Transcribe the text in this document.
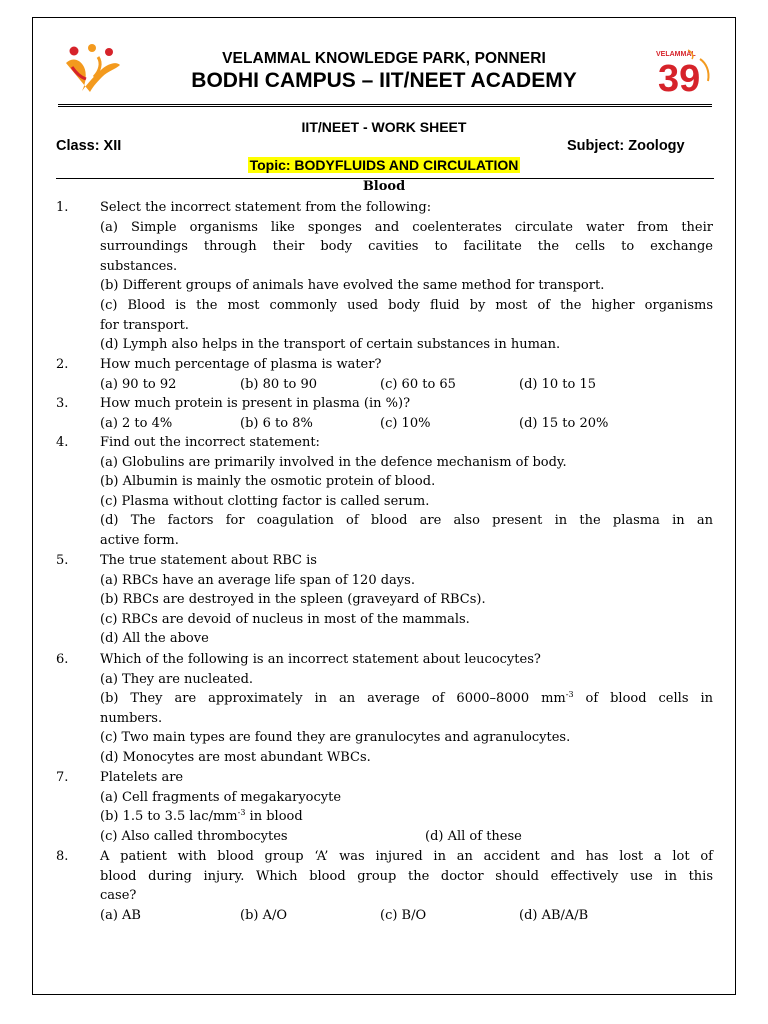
VELAMMAL
39
VELAMMAL KNOWLEDGE PARK, PONNERI
BODHI CAMPUS – IIT/NEET ACADEMY
IIT/NEET - WORK SHEET
Class: XII	Subject: Zoology
Topic: BODYFLUIDS AND CIRCULATION
Blood
1. Select the incorrect statement from the following:
(a) Simple organisms like sponges and coelenterates circulate water from their
surroundings through their body cavities to facilitate the cells to exchange
substances.
(b) Different groups of animals have evolved the same method for transport.
(c) Blood is the most commonly used body fluid by most of the higher organisms
for transport.
(d) Lymph also helps in the transport of certain substances in human.
2. How much percentage of plasma is water?
(a) 90 to 92	(b) 80 to 90	(c) 60 to 65	(d) 10 to 15
3. How much protein is present in plasma (in %)?
(a) 2 to 4%	(b) 6 to 8%	(c) 10%	(d) 15 to 20%
4. Find out the incorrect statement:
(a) Globulins are primarily involved in the defence mechanism of body.
(b) Albumin is mainly the osmotic protein of blood.
(c) Plasma without clotting factor is called serum.
(d) The factors for coagulation of blood are also present in the plasma in an
active form.
5. The true statement about RBC is
(a) RBCs have an average life span of 120 days.
(b) RBCs are destroyed in the spleen (graveyard of RBCs).
(c) RBCs are devoid of nucleus in most of the mammals.
(d) All the above
6. Which of the following is an incorrect statement about leucocytes?
(a) They are nucleated.
(b) They are approximately in an average of 6000–8000 $mm^{-3}$ of blood cells in
numbers.
(c) Two main types are found they are granulocytes and agranulocytes.
(d) Monocytes are most abundant WBCs.
7. Platelets are
(a) Cell fragments of megakaryocyte
(b) 1.5 to 3.5 lac/$mm^{-3}$ in blood
(c) Also called thrombocytes	(d) All of these
8. A patient with blood group ‘A’ was injured in an accident and has lost a lot of
blood during injury. Which blood group the doctor should effectively use in this
case?
(a) AB	(b) A/O	(c) B/O	(d) AB/A/B
